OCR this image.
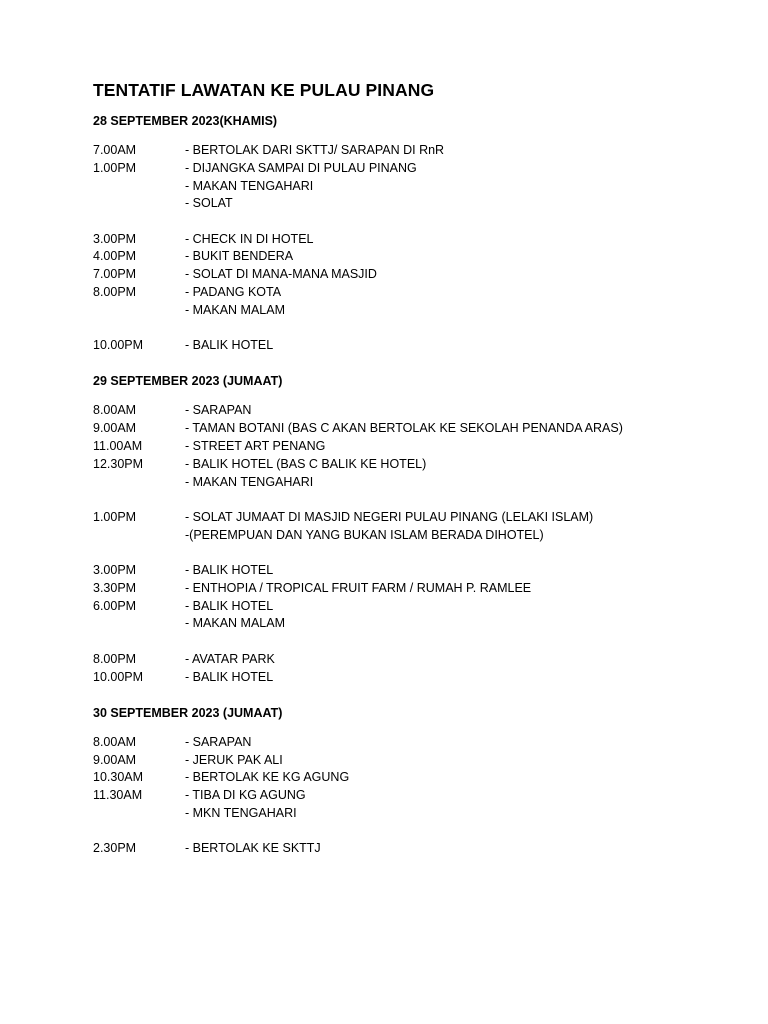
TENTATIF LAWATAN KE PULAU PINANG
28 SEPTEMBER 2023(KHAMIS)
7.00AM	- BERTOLAK DARI SKTTJ/ SARAPAN DI RnR
1.00PM	- DIJANGKA SAMPAI DI PULAU PINANG
- MAKAN TENGAHARI
- SOLAT
3.00PM	- CHECK IN DI HOTEL
4.00PM	- BUKIT BENDERA
7.00PM	- SOLAT DI MANA-MANA MASJID
8.00PM	- PADANG KOTA
- MAKAN MALAM
10.00PM	- BALIK HOTEL
29 SEPTEMBER 2023 (JUMAAT)
8.00AM	- SARAPAN
9.00AM	- TAMAN BOTANI (BAS C AKAN BERTOLAK KE SEKOLAH PENANDA ARAS)
11.00AM	- STREET ART PENANG
12.30PM	- BALIK HOTEL (BAS C BALIK KE HOTEL)
- MAKAN TENGAHARI
1.00PM	- SOLAT JUMAAT DI MASJID NEGERI PULAU PINANG (LELAKI ISLAM)
-(PEREMPUAN DAN YANG BUKAN ISLAM BERADA DIHOTEL)
3.00PM	- BALIK HOTEL
3.30PM	- ENTHOPIA / TROPICAL FRUIT FARM / RUMAH P. RAMLEE
6.00PM	- BALIK HOTEL
- MAKAN MALAM
8.00PM	- AVATAR PARK
10.00PM	- BALIK HOTEL
30 SEPTEMBER 2023 (JUMAAT)
8.00AM	- SARAPAN
9.00AM	- JERUK PAK ALI
10.30AM	- BERTOLAK KE KG AGUNG
11.30AM	- TIBA DI KG AGUNG
- MKN TENGAHARI
2.30PM	- BERTOLAK KE SKTTJ
